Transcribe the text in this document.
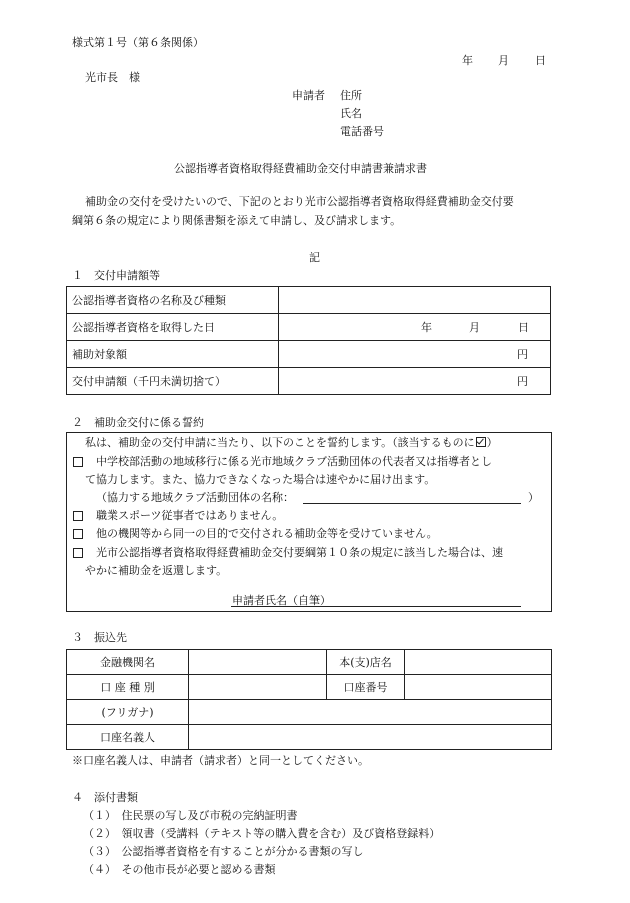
様式第１号（第６条関係）
年 月 日
光市長　様
申請者 住所
氏名
電話番号
公認指導者資格取得経費補助金交付申請書兼請求書
補助金の交付を受けたいので、下記のとおり光市公認指導者資格取得経費補助金交付要
綱第６条の規定により関係書類を添えて申請し、及び請求します。
記
１　交付申請額等
公認指導者資格の名称及び種類	
公認指導者資格を取得した日	年 月 日

補助対象額	円
交付申請額（千円未満切捨て）	円
２　補助金交付に係る誓約
私は、補助金の交付申請に当たり、以下のことを誓約します。（該当するものに ）
中学校部活動の地域移行に係る光市地域クラブ活動団体の代表者又は指導者とし
て協力します。また、協力できなくなった場合は速やかに届け出ます。
（協力する地域クラブ活動団体の名称：	）
職業スポーツ従事者ではありません。
他の機関等から同一の目的で交付される補助金等を受けていません。
光市公認指導者資格取得経費補助金交付要綱第１０条の規定に該当した場合は、速
やかに補助金を返還します。
申請者氏名（自筆）
３　振込先
金融機関名		本(支)店名	
口 座 種 別		口座番号	
(フリガナ)			
口座名義人			
※口座名義人は、申請者（請求者）と同一としてください。
４　添付書類
（１）　住民票の写し及び市税の完納証明書
（２）　領収書（受講料（テキスト等の購入費を含む）及び資格登録料）
（３）　公認指導者資格を有することが分かる書類の写し
（４）　その他市長が必要と認める書類
